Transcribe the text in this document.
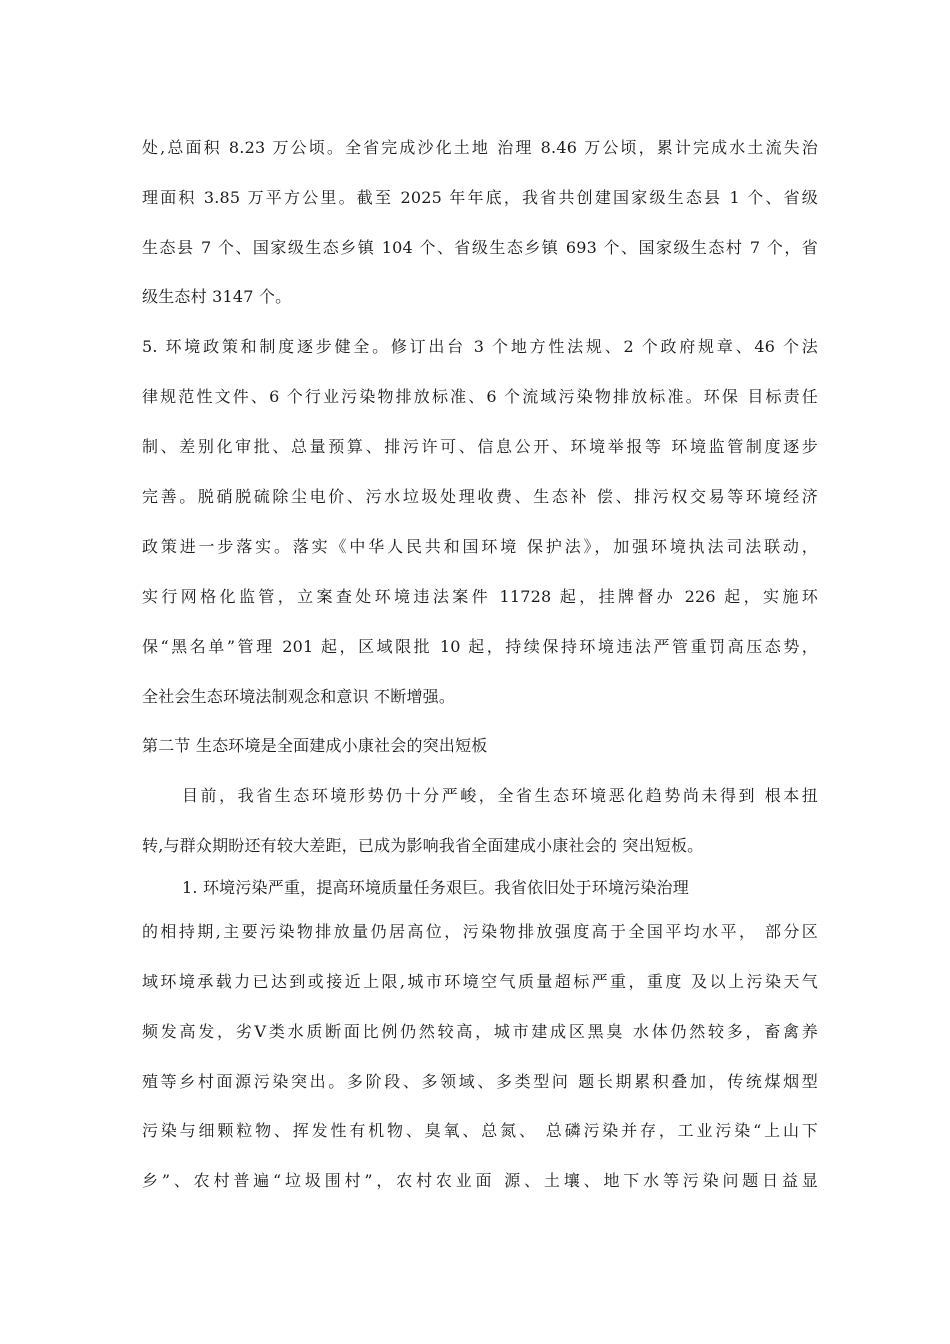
处,总面积 8.23 万公顷。全省完成沙化土地 治理 8.46 万公顷，累计完成水土流失治
理面积 3.85 万平方公里。截至 2025 年年底，我省共创建国家级生态县 1 个、省级
生态县 7 个、国家级生态乡镇 104 个、省级生态乡镇 693 个、国家级生态村 7 个，省
级生态村 3147 个。
5. 环境政策和制度逐步健全。修订出台 3 个地方性法规、2 个政府规章、46 个法
律规范性文件、6 个行业污染物排放标准、6 个流域污染物排放标准。环保 目标责任
制、差别化审批、总量预算、排污许可、信息公开、环境举报等 环境监管制度逐步
完善。脱硝脱硫除尘电价、污水垃圾处理收费、生态补 偿、排污权交易等环境经济
政策进一步落实。落实《中华人民共和国环境 保护法》，加强环境执法司法联动，
实行网格化监管，立案查处环境违法案件 11728 起，挂牌督办 226 起，实施环
保“黑名单”管理 201 起，区域限批 10 起，持续保持环境违法严管重罚高压态势，
全社会生态环境法制观念和意识 不断增强。
第二节 生态环境是全面建成小康社会的突出短板
目前，我省生态环境形势仍十分严峻，全省生态环境恶化趋势尚未得到 根本扭
转,与群众期盼还有较大差距，已成为影响我省全面建成小康社会的 突出短板。
1. 环境污染严重，提高环境质量任务艰巨。我省依旧处于环境污染治理
的相持期,主要污染物排放量仍居高位，污染物排放强度高于全国平均水平， 部分区
域环境承载力已达到或接近上限,城市环境空气质量超标严重，重度 及以上污染天气
频发高发，劣Ⅴ类水质断面比例仍然较高，城市建成区黑臭 水体仍然较多，畜禽养
殖等乡村面源污染突出。多阶段、多领域、多类型问 题长期累积叠加，传统煤烟型
污染与细颗粒物、挥发性有机物、臭氧、总氮、 总磷污染并存，工业污染“上山下
乡”、农村普遍“垃圾围村”，农村农业面 源、土壤、地下水等污染问题日益显
